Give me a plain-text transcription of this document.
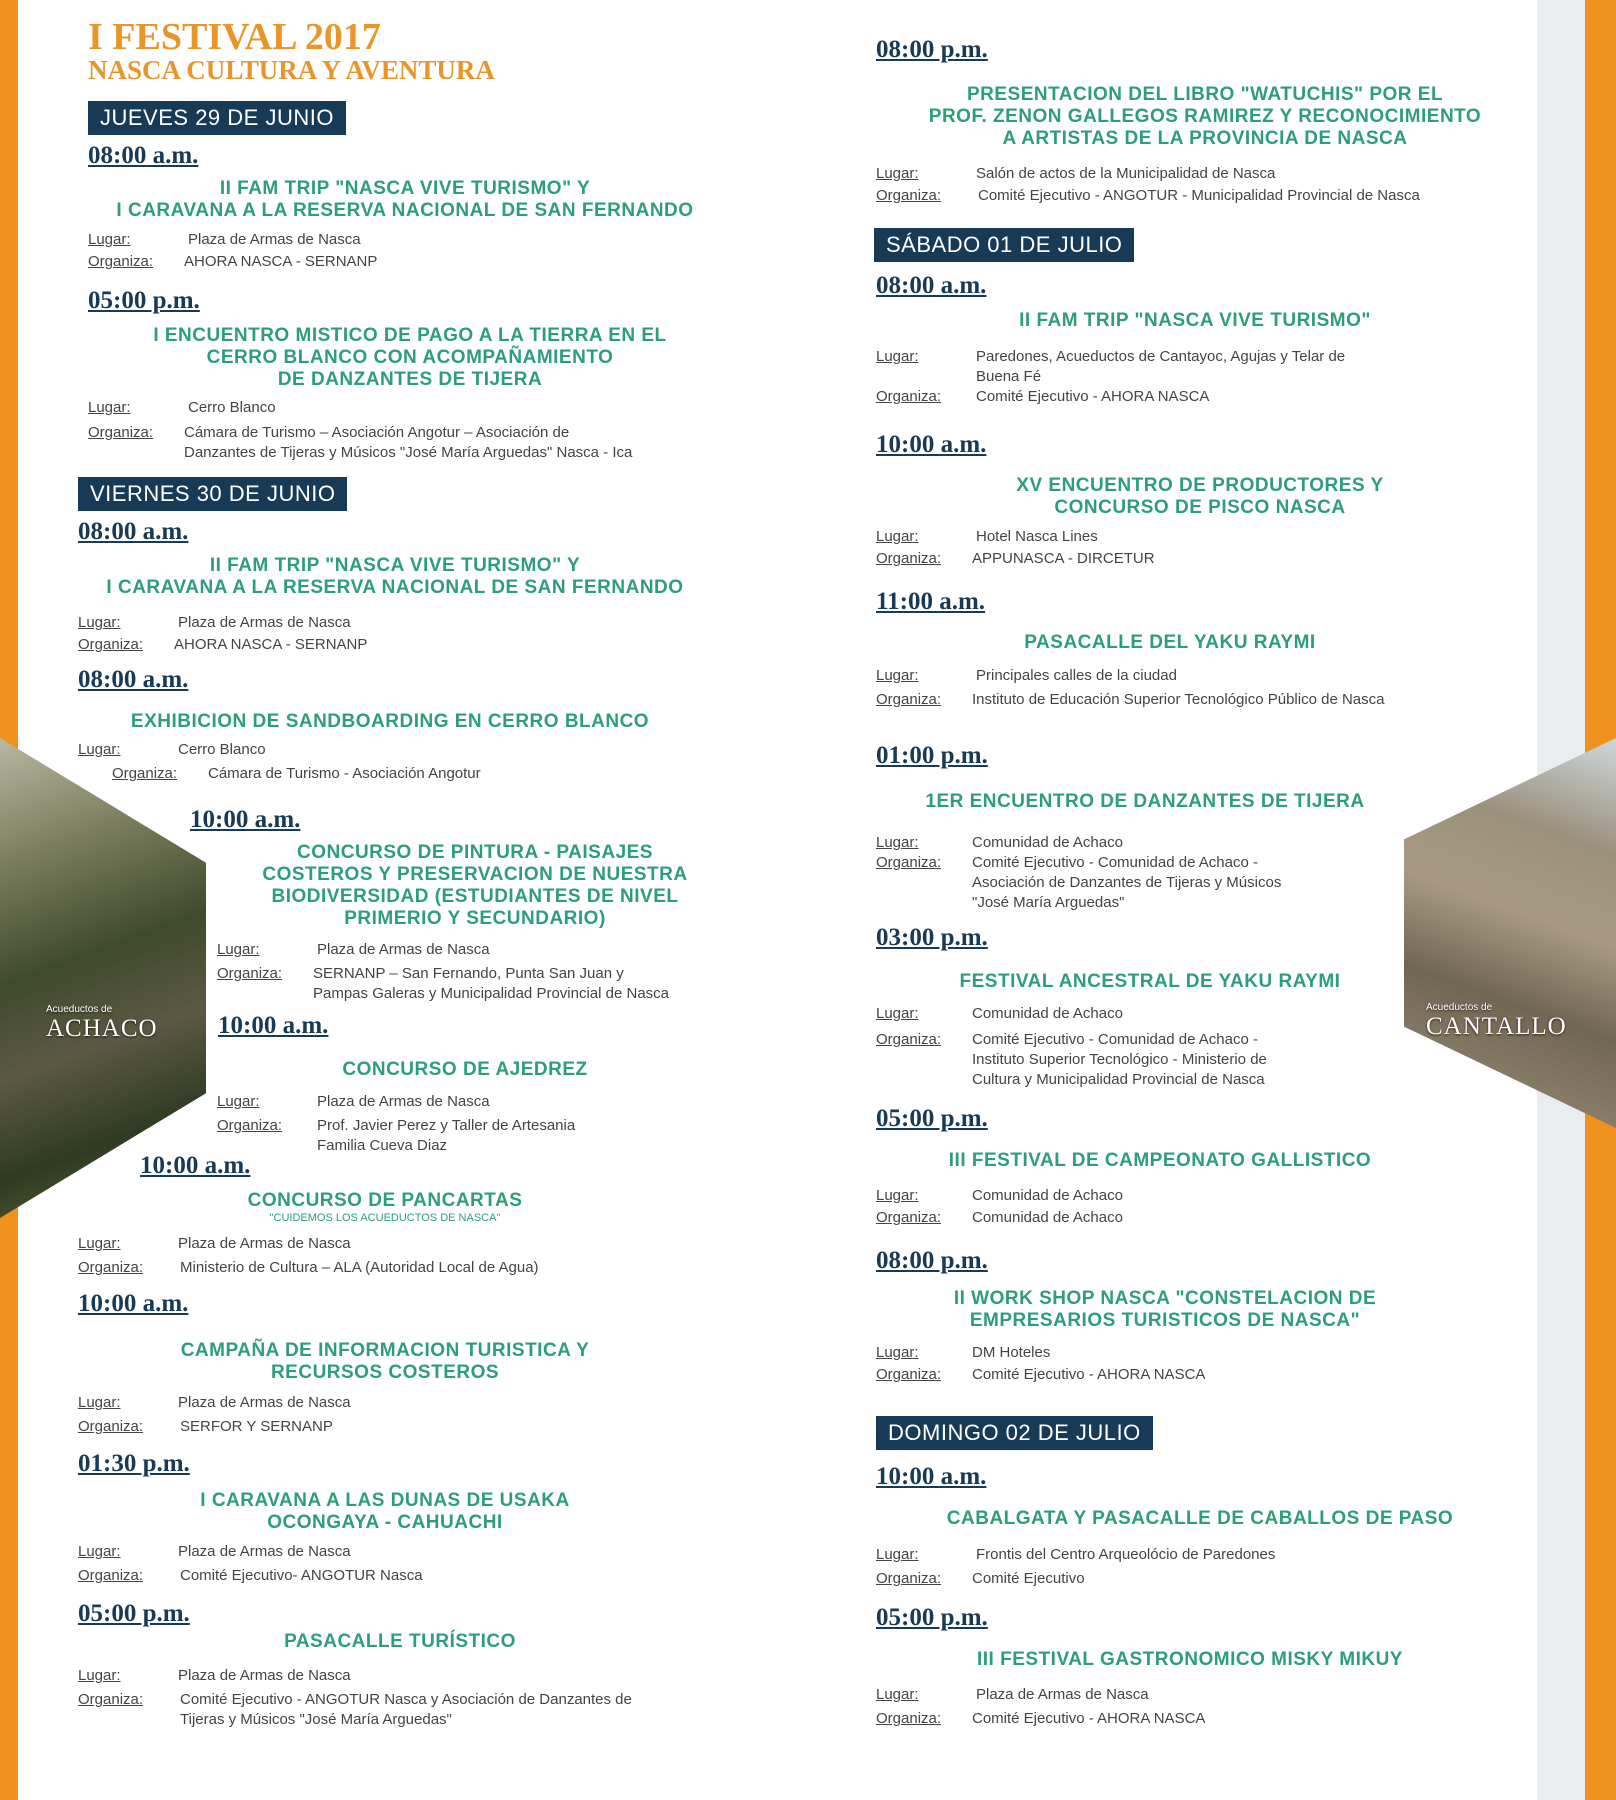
Acueductos de
ACHACO
Acueductos de
CANTALLO
I FESTIVAL 2017
NASCA CULTURA Y AVENTURA
JUEVES 29 DE JUNIO
08:00 a.m.
II FAM TRIP "NASCA VIVE TURISMO" Y
I CARAVANA A LA RESERVA NACIONAL DE SAN FERNANDO
Lugar:	Plaza de Armas de Nasca
Organiza: AHORA NASCA - SERNANP
05:00 p.m.
I ENCUENTRO MISTICO DE PAGO A LA TIERRA EN EL
CERRO BLANCO CON ACOMPAÑAMIENTO
DE DANZANTES DE TIJERA
Lugar:	Cerro Blanco
Organiza: Cámara de Turismo – Asociación Angotur – Asociación de
Danzantes de Tijeras y Músicos "José María Arguedas" Nasca - Ica
VIERNES 30 DE JUNIO
08:00 a.m.
II FAM TRIP "NASCA VIVE TURISMO" Y
I CARAVANA A LA RESERVA NACIONAL DE SAN FERNANDO
Lugar:	Plaza de Armas de Nasca
Organiza: AHORA NASCA - SERNANP
08:00 a.m.
EXHIBICION DE SANDBOARDING EN CERRO BLANCO
Lugar:	Cerro Blanco
Organiza: Cámara de Turismo - Asociación Angotur
10:00 a.m.
CONCURSO DE PINTURA - PAISAJES
COSTEROS Y PRESERVACION DE NUESTRA
BIODIVERSIDAD (ESTUDIANTES DE NIVEL
PRIMERIO Y SECUNDARIO)
Lugar:	Plaza de Armas de Nasca
Organiza: SERNANP – San Fernando, Punta San Juan y
Pampas Galeras y Municipalidad Provincial de Nasca
10:00 a.m.
CONCURSO DE AJEDREZ
Lugar:	Plaza de Armas de Nasca
Organiza: Prof. Javier Perez y Taller de Artesania
Familia Cueva Diaz
10:00 a.m.
CONCURSO DE PANCARTAS
"CUIDEMOS LOS ACUEDUCTOS DE NASCA"
Lugar:	Plaza de Armas de Nasca
Organiza: Ministerio de Cultura – ALA (Autoridad Local de Agua)
10:00 a.m.
CAMPAÑA DE INFORMACION TURISTICA Y
RECURSOS COSTEROS
Lugar:	Plaza de Armas de Nasca
Organiza: SERFOR Y SERNANP
01:30 p.m.
I CARAVANA A LAS DUNAS DE USAKA
OCONGAYA - CAHUACHI
Lugar:	Plaza de Armas de Nasca
Organiza: Comité Ejecutivo- ANGOTUR Nasca
05:00 p.m.
PASACALLE TURÍSTICO
Lugar:	Plaza de Armas de Nasca
Organiza: Comité Ejecutivo - ANGOTUR Nasca y Asociación de Danzantes de
Tijeras y Músicos "José María Arguedas"
08:00 p.m.
PRESENTACION DEL LIBRO "WATUCHIS" POR EL
PROF. ZENON GALLEGOS RAMIREZ Y RECONOCIMIENTO
A ARTISTAS DE LA PROVINCIA DE NASCA
Lugar:	Salón de actos de la Municipalidad de Nasca
Organiza: Comité Ejecutivo - ANGOTUR - Municipalidad Provincial de Nasca
SÁBADO 01 DE JULIO
08:00 a.m.
II FAM TRIP "NASCA VIVE TURISMO"
Lugar:	Paredones, Acueductos de Cantayoc, Agujas y Telar de
Buena Fé
Organiza: Comité Ejecutivo - AHORA NASCA
10:00 a.m.
XV ENCUENTRO DE PRODUCTORES Y
CONCURSO DE PISCO NASCA
Lugar:	Hotel Nasca Lines
Organiza: APPUNASCA - DIRCETUR
11:00 a.m.
PASACALLE DEL YAKU RAYMI
Lugar:	Principales calles de la ciudad
Organiza: Instituto de Educación Superior Tecnológico Público de Nasca
01:00 p.m.
1ER ENCUENTRO DE DANZANTES DE TIJERA
Lugar:	Comunidad de Achaco
Organiza: Comité Ejecutivo - Comunidad de Achaco -
Asociación de Danzantes de Tijeras y Músicos
"José María Arguedas"
03:00 p.m.
FESTIVAL ANCESTRAL DE YAKU RAYMI
Lugar:	Comunidad de Achaco
Organiza: Comité Ejecutivo - Comunidad de Achaco -
Instituto Superior Tecnológico - Ministerio de
Cultura y Municipalidad Provincial de Nasca
05:00 p.m.
III FESTIVAL DE CAMPEONATO GALLISTICO
Lugar:	Comunidad de Achaco
Organiza: Comunidad de Achaco
08:00 p.m.
II WORK SHOP NASCA "CONSTELACION DE
EMPRESARIOS TURISTICOS DE NASCA"
Lugar:	DM Hoteles
Organiza: Comité Ejecutivo - AHORA NASCA
DOMINGO 02 DE JULIO
10:00 a.m.
CABALGATA Y PASACALLE DE CABALLOS DE PASO
Lugar:	Frontis del Centro Arqueolócio de Paredones
Organiza: Comité Ejecutivo
05:00 p.m.
III FESTIVAL GASTRONOMICO MISKY MIKUY
Lugar:	Plaza de Armas de Nasca
Organiza: Comité Ejecutivo - AHORA NASCA
